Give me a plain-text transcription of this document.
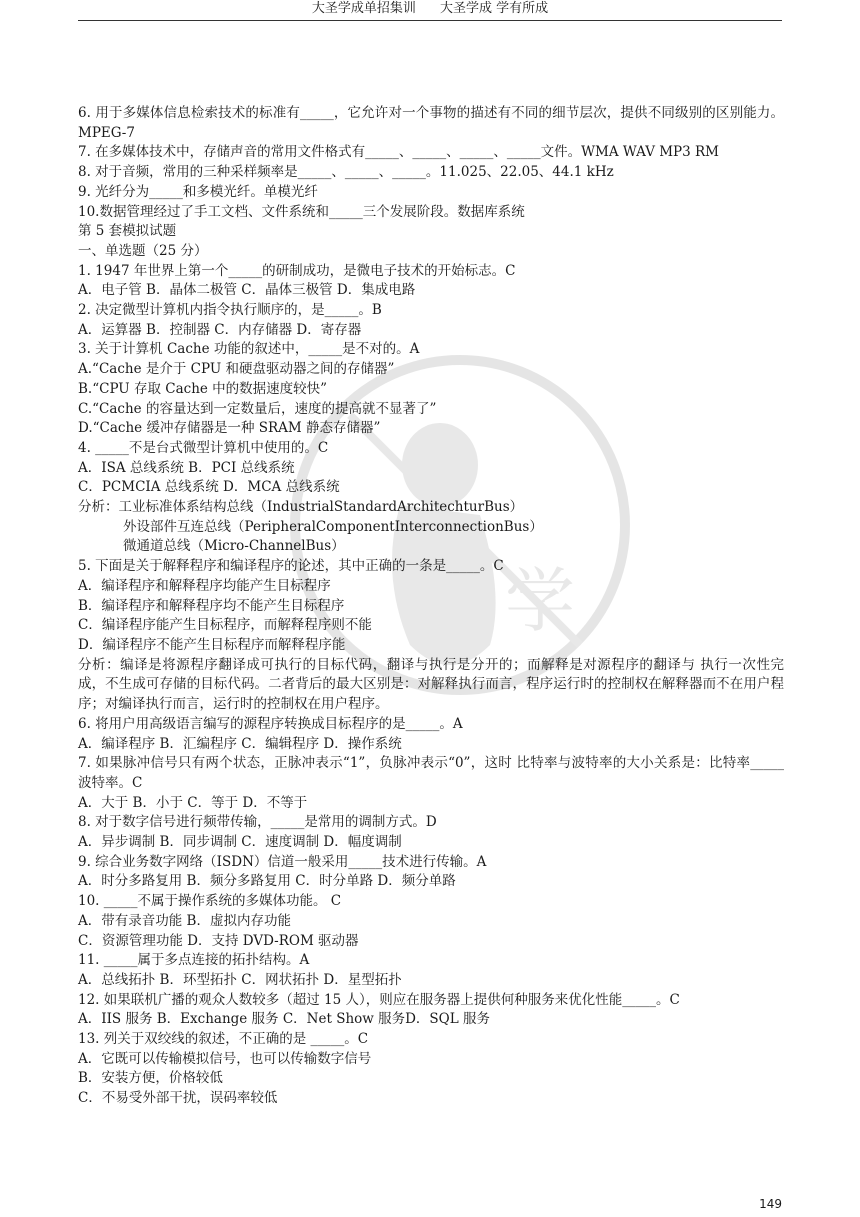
大圣学成单招集训 大圣学成 学有所成
学
6. 用于多媒体信息检索技术的标准有_____，它允许对一个事物的描述有不同的细节层次，提供不同级别的区别能力。MPEG-7
7. 在多媒体技术中，存储声音的常用文件格式有_____、_____、_____、_____文件。WMA WAV MP3 RM
8. 对于音频，常用的三种采样频率是_____、_____、_____。11.025、22.05、44.1 kHz
9. 光纤分为_____和多模光纤。单模光纤
10.数据管理经过了手工文档、文件系统和_____三个发展阶段。数据库系统
第 5 套模拟试题
一、单选题（25 分）
1. 1947 年世界上第一个_____的研制成功，是微电子技术的开始标志。C
A．电子管 B．晶体二极管 C．晶体三极管 D．集成电路
2. 决定微型计算机内指令执行顺序的，是_____。B
A．运算器 B．控制器 C．内存储器 D．寄存器
3. 关于计算机 Cache 功能的叙述中，_____是不对的。A
A.“Cache 是介于 CPU 和硬盘驱动器之间的存储器”
B.“CPU 存取 Cache 中的数据速度较快”
C.“Cache 的容量达到一定数量后，速度的提高就不显著了”
D.“Cache 缓冲存储器是一种 SRAM 静态存储器”
4. _____不是台式微型计算机中使用的。C
A．ISA 总线系统 B．PCI 总线系统
C．PCMCIA 总线系统 D．MCA 总线系统
分析：工业标准体系结构总线（IndustrialStandardArchitechturBus）
外设部件互连总线（PeripheralComponentInterconnectionBus）
微通道总线（Micro-ChannelBus）
5. 下面是关于解释程序和编译程序的论述，其中正确的一条是_____。C
A．编译程序和解释程序均能产生目标程序
B．编译程序和解释程序均不能产生目标程序
C．编译程序能产生目标程序，而解释程序则不能
D．编译程序不能产生目标程序而解释程序能
分析：编译是将源程序翻译成可执行的目标代码，翻译与执行是分开的；而解释是对源程序的翻译与 执行一次性完成，不生成可存储的目标代码。二者背后的最大区别是：对解释执行而言，程序运行时的控制权在解释器而不在用户程序；对编译执行而言，运行时的控制权在用户程序。
6. 将用户用高级语言编写的源程序转换成目标程序的是_____。A
A．编译程序 B．汇编程序 C．编辑程序 D．操作系统
7. 如果脉冲信号只有两个状态，正脉冲表示“1”，负脉冲表示“0”，这时 比特率与波特率的大小关系是：比特率_____波特率。C
A．大于 B．小于 C．等于 D．不等于
8. 对于数字信号进行频带传输，_____是常用的调制方式。D
A．异步调制 B．同步调制 C．速度调制 D．幅度调制
9. 综合业务数字网络（ISDN）信道一般采用_____技术进行传输。A
A．时分多路复用 B．频分多路复用 C．时分单路 D．频分单路
10. _____不属于操作系统的多媒体功能。 C
A．带有录音功能 B．虚拟内存功能
C．资源管理功能 D．支持 DVD-ROM 驱动器
11. _____属于多点连接的拓扑结构。A
A．总线拓扑 B．环型拓扑 C．网状拓扑 D．星型拓扑
12. 如果联机广播的观众人数较多（超过 15 人），则应在服务器上提供何种服务来优化性能_____。C
A．IIS 服务 B．Exchange 服务 C．Net Show 服务D．SQL 服务
13. 列关于双绞线的叙述，不正确的是 _____。C
A．它既可以传输模拟信号，也可以传输数字信号
B．安装方便，价格较低
C．不易受外部干扰，误码率较低
149
